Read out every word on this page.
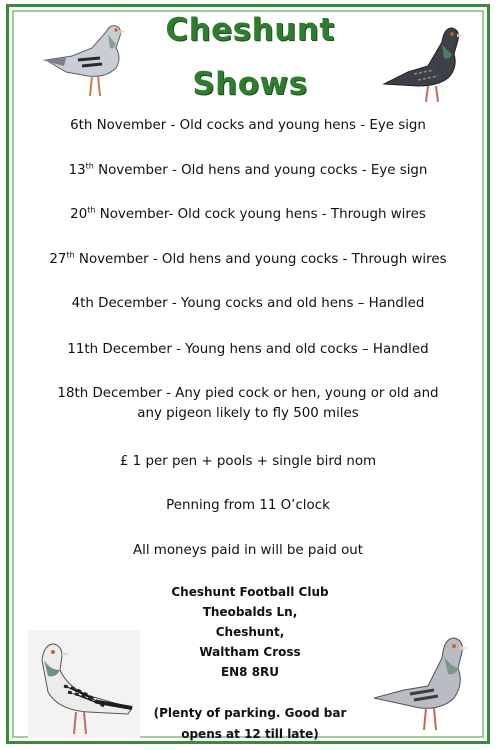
Cheshunt
Shows
6th November - Old cocks and young hens - Eye sign
13th November - Old hens and young cocks - Eye sign
20th November- Old cock young hens - Through wires
27th November - Old hens and young cocks - Through wires
4th December - Young cocks and old hens – Handled
11th December - Young hens and old cocks – Handled
18th December - Any pied cock or hen, young or old and any pigeon likely to fly 500 miles
£ 1 per pen + pools + single bird nom
Penning from 11 O’clock
All moneys paid in will be paid out
Cheshunt Football Club
Theobalds Ln,
Cheshunt,
Waltham Cross
EN8 8RU
(Plenty of parking. Good bar
opens at 12 till late)
